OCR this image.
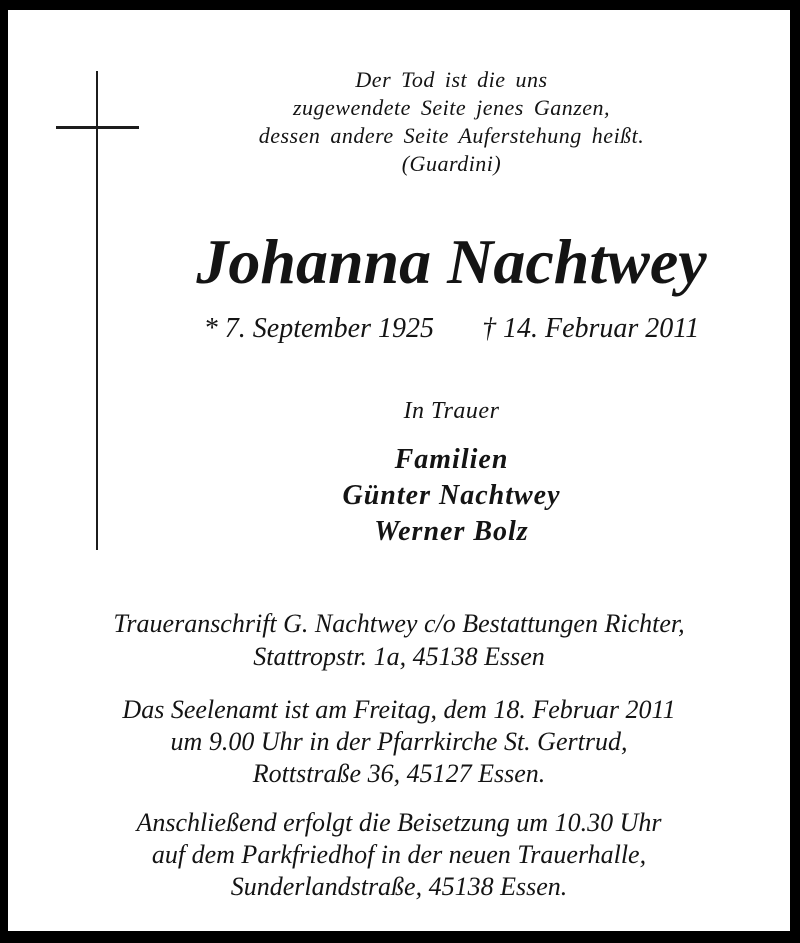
Der Tod ist die uns
zugewendete Seite jenes Ganzen,
dessen andere Seite Auferstehung heißt.
(Guardini)
Johanna Nachtwey
* 7. September 1925 † 14. Februar 2011
In Trauer
Familien
Günter Nachtwey
Werner Bolz
Traueranschrift G. Nachtwey c/o Bestattungen Richter,
Stattropstr. 1a, 45138 Essen
Das Seelenamt ist am Freitag, dem 18. Februar 2011
um 9.00 Uhr in der Pfarrkirche St. Gertrud,
Rottstraße 36, 45127 Essen.
Anschließend erfolgt die Beisetzung um 10.30 Uhr
auf dem Parkfriedhof in der neuen Trauerhalle,
Sunderlandstraße, 45138 Essen.
